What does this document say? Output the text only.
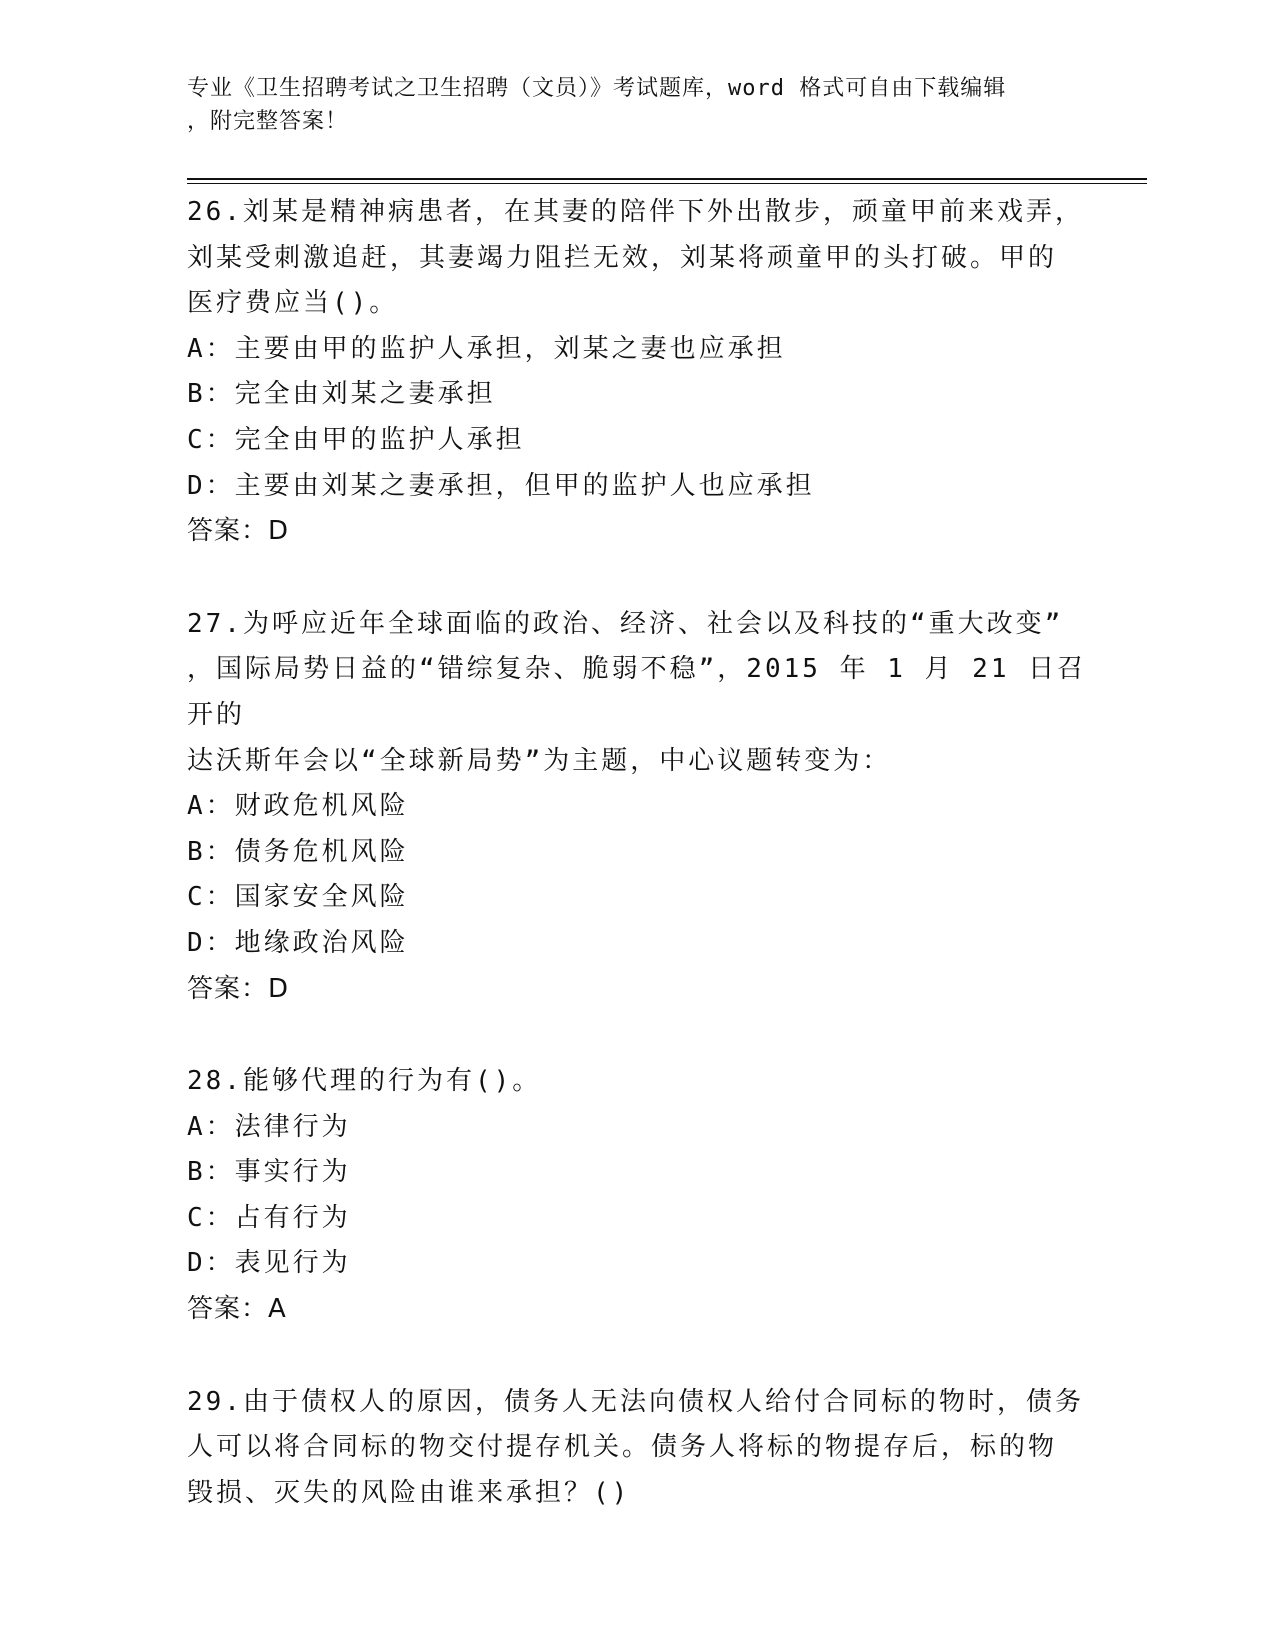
专业《卫生招聘考试之卫生招聘（文员）》考试题库，word 格式可自由下载编辑
，附完整答案！
26.刘某是精神病患者，在其妻的陪伴下外出散步，顽童甲前来戏弄，
刘某受刺激追赶，其妻竭力阻拦无效，刘某将顽童甲的头打破。甲的
医疗费应当()。
A：主要由甲的监护人承担，刘某之妻也应承担
B：完全由刘某之妻承担
C：完全由甲的监护人承担
D：主要由刘某之妻承担，但甲的监护人也应承担
答案：D
27.为呼应近年全球面临的政治、经济、社会以及科技的“重大改变”
，国际局势日益的“错综复杂、脆弱不稳”，2015 年 1 月 21 日召开的
达沃斯年会以“全球新局势”为主题，中心议题转变为：
A：财政危机风险
B：债务危机风险
C：国家安全风险
D：地缘政治风险
答案：D
28.能够代理的行为有()。
A：法律行为
B：事实行为
C：占有行为
D：表见行为
答案：A
29.由于债权人的原因，债务人无法向债权人给付合同标的物时，债务
人可以将合同标的物交付提存机关。债务人将标的物提存后，标的物
毁损、灭失的风险由谁来承担？()
